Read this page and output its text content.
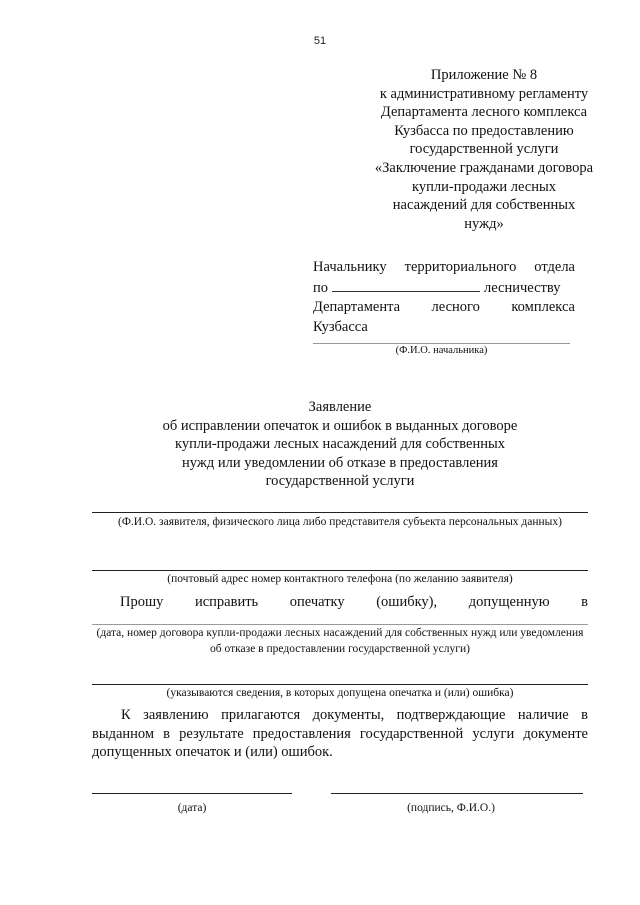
51
Приложение № 8
к административному регламенту
Департамента лесного комплекса
Кузбасса по предоставлению
государственной услуги
«Заключение гражданами договора
купли-продажи лесных
насаждений для собственных
нужд»
Начальнику территориального отдела
по	лесничеству
Департамента лесного комплекса
Кузбасса
(Ф.И.О. начальника)
Заявление
об исправлении опечаток и ошибок в выданных договоре
купли-продажи лесных насаждений для собственных
нужд или уведомлении об отказе в предоставления
государственной услуги
(Ф.И.О. заявителя, физического лица либо представителя субъекта персональных данных)
(почтовый адрес номер контактного телефона (по желанию заявителя)
Прошу исправить опечатку (ошибку), допущенную в
(дата, номер договора купли-продажи лесных насаждений для собственных нужд или уведомления об отказе в предоставлении государственной услуги)
(указываются сведения, в которых допущена опечатка и (или) ошибка)
К заявлению прилагаются документы, подтверждающие наличие в выданном в результате предоставления государственной услуги документе допущенных опечаток и (или) ошибок.
(дата)	(подпись, Ф.И.О.)
